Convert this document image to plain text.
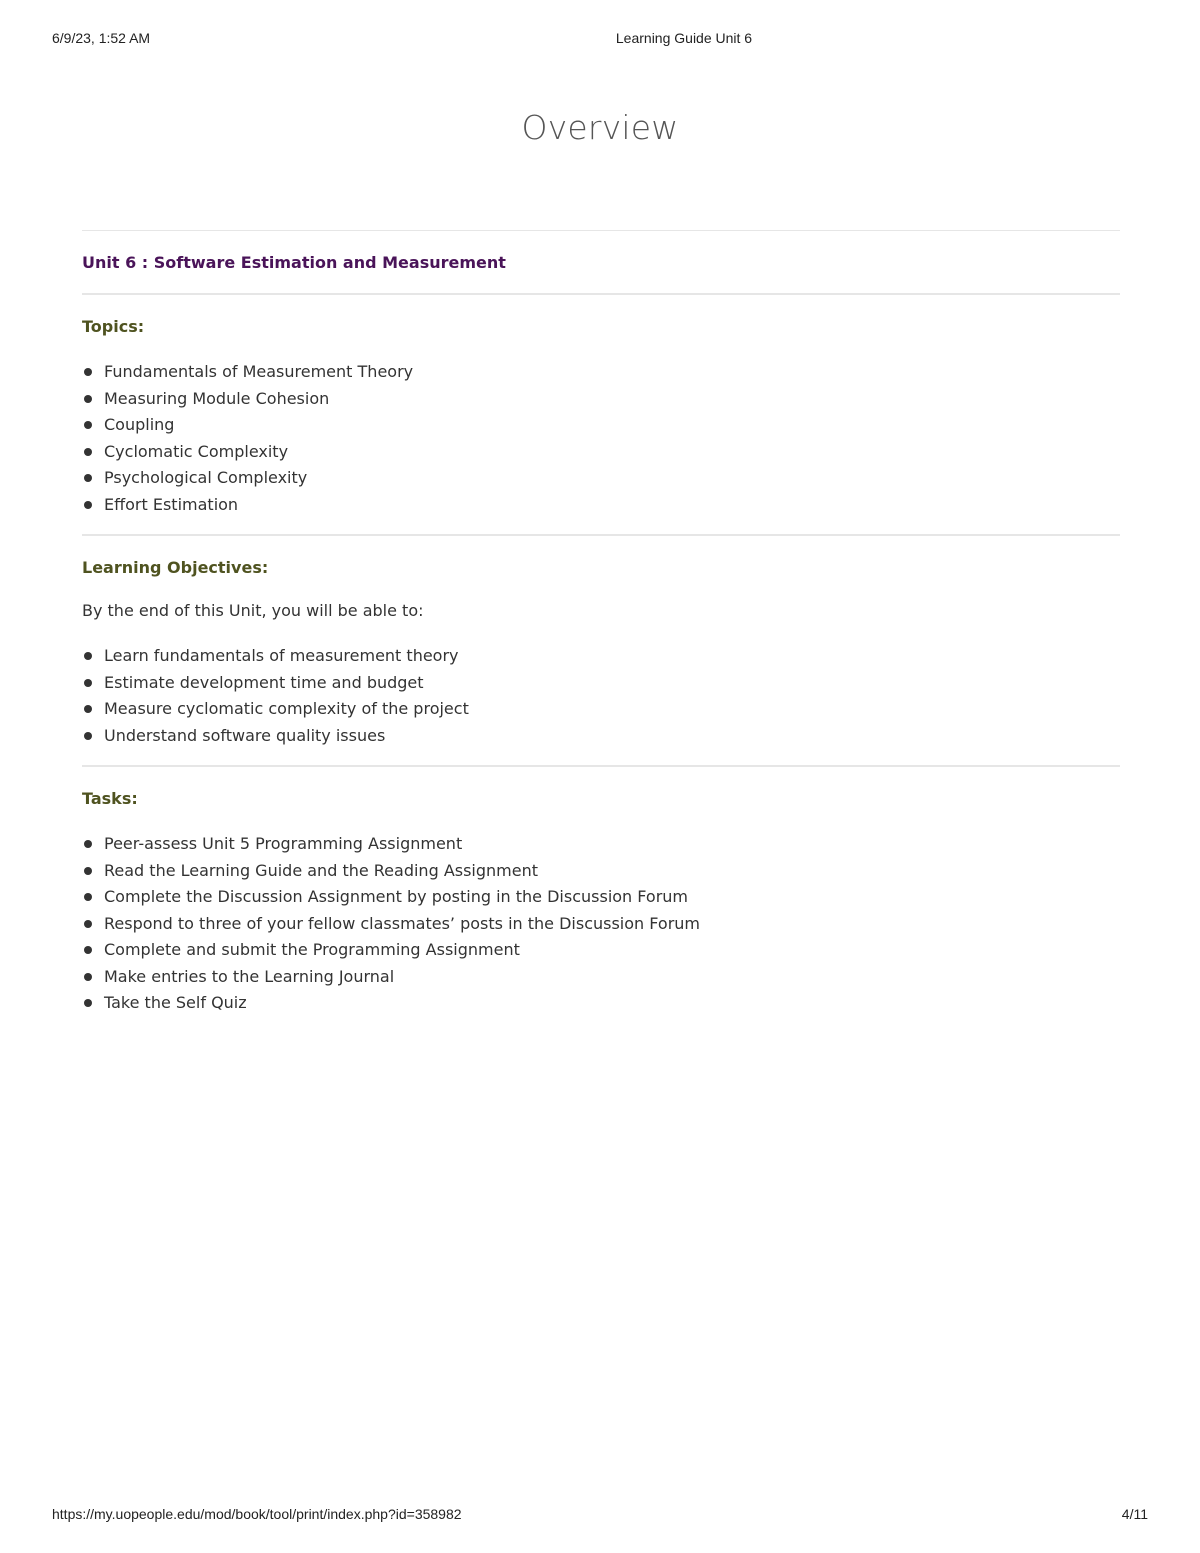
6/9/23, 1:52 AM	Learning Guide Unit 6
Overview
Unit 6 : Software Estimation and Measurement
Topics:
Fundamentals of Measurement Theory
Measuring Module Cohesion
Coupling
Cyclomatic Complexity
Psychological Complexity
Effort Estimation
Learning Objectives:

By the end of this Unit, you will be able to:

Learn fundamentals of measurement theory
Estimate development time and budget
Measure cyclomatic complexity of the project
Understand software quality issues
Tasks:
Peer-assess Unit 5 Programming Assignment
Read the Learning Guide and the Reading Assignment
Complete the Discussion Assignment by posting in the Discussion Forum
Respond to three of your fellow classmates’ posts in the Discussion Forum
Complete and submit the Programming Assignment
Make entries to the Learning Journal
Take the Self Quiz
https://my.uopeople.edu/mod/book/tool/print/index.php?id=358982	4/11
